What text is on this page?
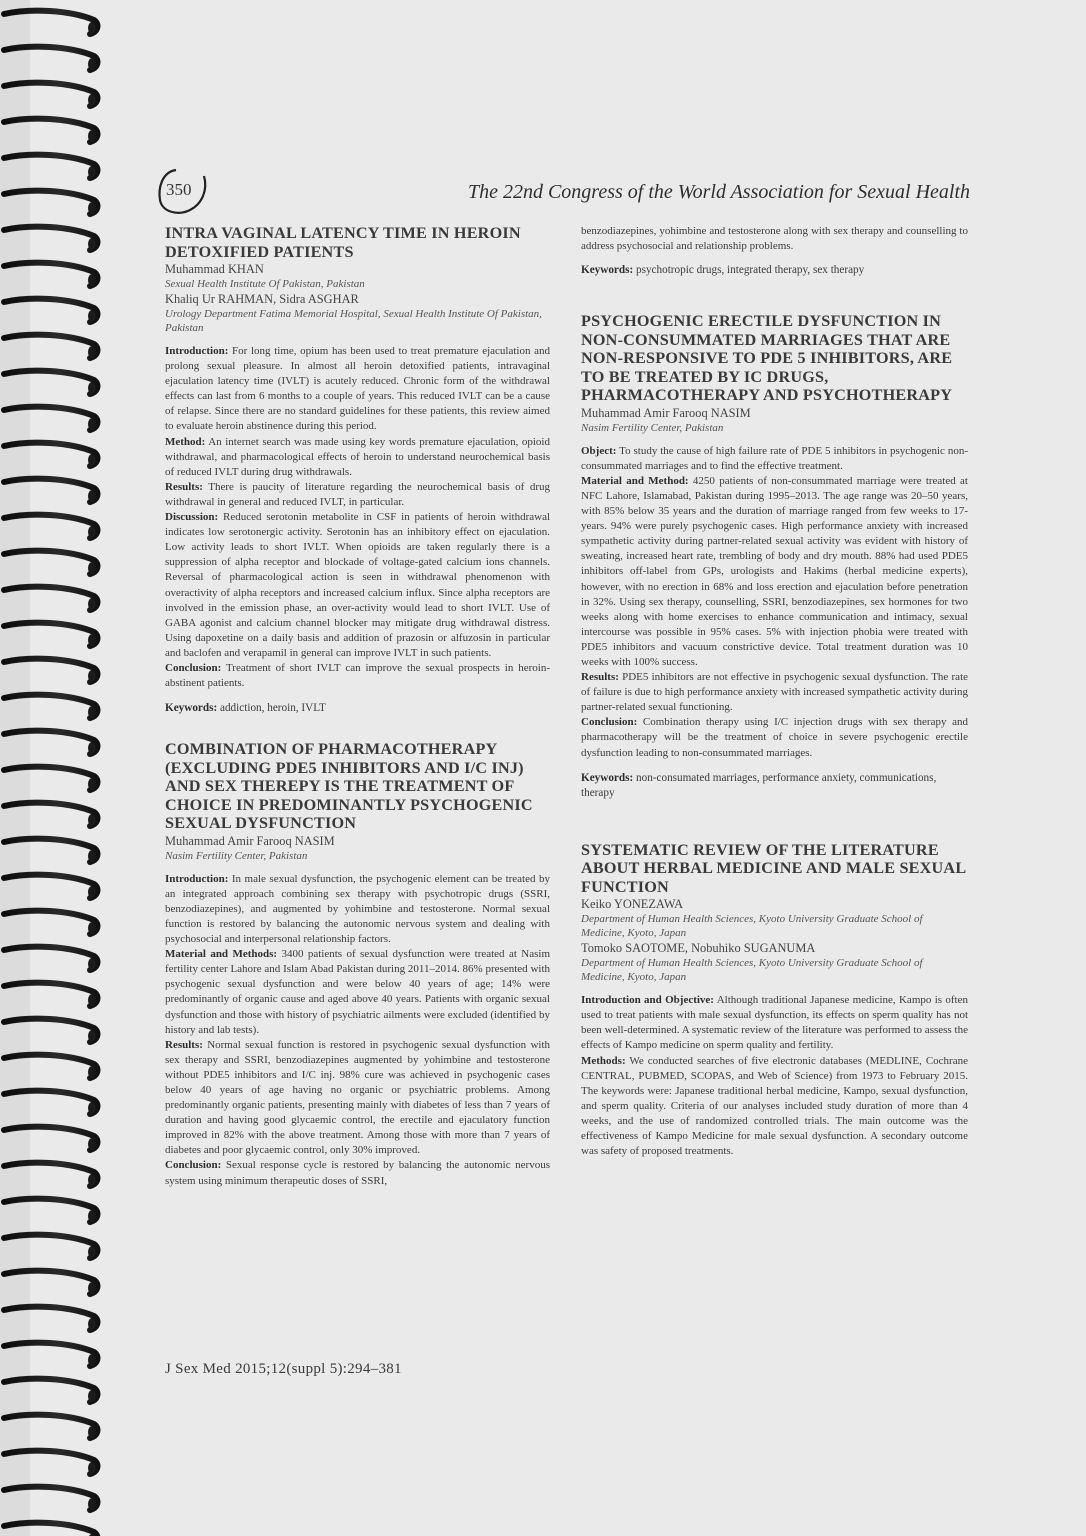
350	The 22nd Congress of the World Association for Sexual Health
INTRA VAGINAL LATENCY TIME IN HEROIN DETOXIFIED PATIENTS

Muhammad KHAN

Sexual Health Institute Of Pakistan, Pakistan

Khaliq Ur RAHMAN, Sidra ASGHAR

Urology Department Fatima Memorial Hospital, Sexual Health Institute Of Pakistan, Pakistan

Introduction: For long time, opium has been used to treat premature ejaculation and prolong sexual pleasure. In almost all heroin detoxified patients, intravaginal ejaculation latency time (IVLT) is acutely reduced. Chronic form of the withdrawal effects can last from 6 months to a couple of years. This reduced IVLT can be a cause of relapse. Since there are no standard guidelines for these patients, this review aimed to evaluate heroin abstinence during this period.

Method: An internet search was made using key words premature ejaculation, opioid withdrawal, and pharmacological effects of heroin to understand neurochemical basis of reduced IVLT during drug withdrawals.

Results: There is paucity of literature regarding the neurochemical basis of drug withdrawal in general and reduced IVLT, in particular.

Discussion: Reduced serotonin metabolite in CSF in patients of heroin withdrawal indicates low serotonergic activity. Serotonin has an inhibitory effect on ejaculation. Low activity leads to short IVLT. When opioids are taken regularly there is a suppression of alpha receptor and blockade of voltage-gated calcium ions channels. Reversal of pharmacological action is seen in withdrawal phenomenon with overactivity of alpha receptors and increased calcium influx. Since alpha receptors are involved in the emission phase, an over-activity would lead to short IVLT. Use of GABA agonist and calcium channel blocker may mitigate drug withdrawal distress. Using dapoxetine on a daily basis and addition of prazosin or alfuzosin in particular and baclofen and verapamil in general can improve IVLT in such patients.

Conclusion: Treatment of short IVLT can improve the sexual prospects in heroin-abstinent patients.

Keywords: addiction, heroin, IVLT

COMBINATION OF PHARMACOTHERAPY (EXCLUDING PDE5 INHIBITORS AND I/C INJ) AND SEX THEREPY IS THE TREATMENT OF CHOICE IN PREDOMINANTLY PSYCHOGENIC SEXUAL DYSFUNCTION

Muhammad Amir Farooq NASIM

Nasim Fertility Center, Pakistan

Introduction: In male sexual dysfunction, the psychogenic element can be treated by an integrated approach combining sex therapy with psychotropic drugs (SSRI, benzodiazepines), and augmented by yohimbine and testosterone. Normal sexual function is restored by balancing the autonomic nervous system and dealing with psychosocial and interpersonal relationship factors.

Material and Methods: 3400 patients of sexual dysfunction were treated at Nasim fertility center Lahore and Islam Abad Pakistan during 2011–2014. 86% presented with psychogenic sexual dysfunction and were below 40 years of age; 14% were predominantly of organic cause and aged above 40 years. Patients with organic sexual dysfunction and those with history of psychiatric ailments were excluded (identified by history and lab tests).

Results: Normal sexual function is restored in psychogenic sexual dysfunction with sex therapy and SSRI, benzodiazepines augmented by yohimbine and testosterone without PDE5 inhibitors and I/C inj. 98% cure was achieved in psychogenic cases below 40 years of age having no organic or psychiatric problems. Among predominantly organic patients, presenting mainly with diabetes of less than 7 years of duration and having good glycaemic control, the erectile and ejaculatory function improved in 82% with the above treatment. Among those with more than 7 years of diabetes and poor glycaemic control, only 30% improved.

Conclusion: Sexual response cycle is restored by balancing the autonomic nervous system using minimum therapeutic doses of SSRI,

benzodiazepines, yohimbine and testosterone along with sex therapy and counselling to address psychosocial and relationship problems.

Keywords: psychotropic drugs, integrated therapy, sex therapy

PSYCHOGENIC ERECTILE DYSFUNCTION IN NON-CONSUMMATED MARRIAGES THAT ARE NON-RESPONSIVE TO PDE 5 INHIBITORS, ARE TO BE TREATED BY IC DRUGS, PHARMACOTHERAPY AND PSYCHOTHERAPY

Muhammad Amir Farooq NASIM

Nasim Fertility Center, Pakistan

Object: To study the cause of high failure rate of PDE 5 inhibitors in psychogenic non-consummated marriages and to find the effective treatment.

Material and Method: 4250 patients of non-consummated marriage were treated at NFC Lahore, Islamabad, Pakistan during 1995–2013. The age range was 20–50 years, with 85% below 35 years and the duration of marriage ranged from few weeks to 17-years. 94% were purely psychogenic cases. High performance anxiety with increased sympathetic activity during partner-related sexual activity was evident with history of sweating, increased heart rate, trembling of body and dry mouth. 88% had used PDE5 inhibitors off-label from GPs, urologists and Hakims (herbal medicine experts), however, with no erection in 68% and loss erection and ejaculation before penetration in 32%. Using sex therapy, counselling, SSRI, benzodiazepines, sex hormones for two weeks along with home exercises to enhance communication and intimacy, sexual intercourse was possible in 95% cases. 5% with injection phobia were treated with PDE5 inhibitors and vacuum constrictive device. Total treatment duration was 10 weeks with 100% success.

Results: PDE5 inhibitors are not effective in psychogenic sexual dysfunction. The rate of failure is due to high performance anxiety with increased sympathetic activity during partner-related sexual functioning.

Conclusion: Combination therapy using I/C injection drugs with sex therapy and pharmacotherapy will be the treatment of choice in severe psychogenic erectile dysfunction leading to non-consummated marriages.

Keywords: non-consumated marriages, performance anxiety, communications, therapy

SYSTEMATIC REVIEW OF THE LITERATURE ABOUT HERBAL MEDICINE AND MALE SEXUAL FUNCTION

Keiko YONEZAWA

Department of Human Health Sciences, Kyoto University Graduate School of Medicine, Kyoto, Japan

Tomoko SAOTOME, Nobuhiko SUGANUMA

Department of Human Health Sciences, Kyoto University Graduate School of Medicine, Kyoto, Japan

Introduction and Objective: Although traditional Japanese medicine, Kampo is often used to treat patients with male sexual dysfunction, its effects on sperm quality has not been well-determined. A systematic review of the literature was performed to assess the effects of Kampo medicine on sperm quality and fertility.

Methods: We conducted searches of five electronic databases (MEDLINE, Cochrane CENTRAL, PUBMED, SCOPAS, and Web of Science) from 1973 to February 2015. The keywords were: Japanese traditional herbal medicine, Kampo, sexual dysfunction, and sperm quality. Criteria of our analyses included study duration of more than 4 weeks, and the use of randomized controlled trials. The main outcome was the effectiveness of Kampo Medicine for male sexual dysfunction. A secondary outcome was safety of proposed treatments.

J Sex Med 2015;12(suppl 5):294–381
